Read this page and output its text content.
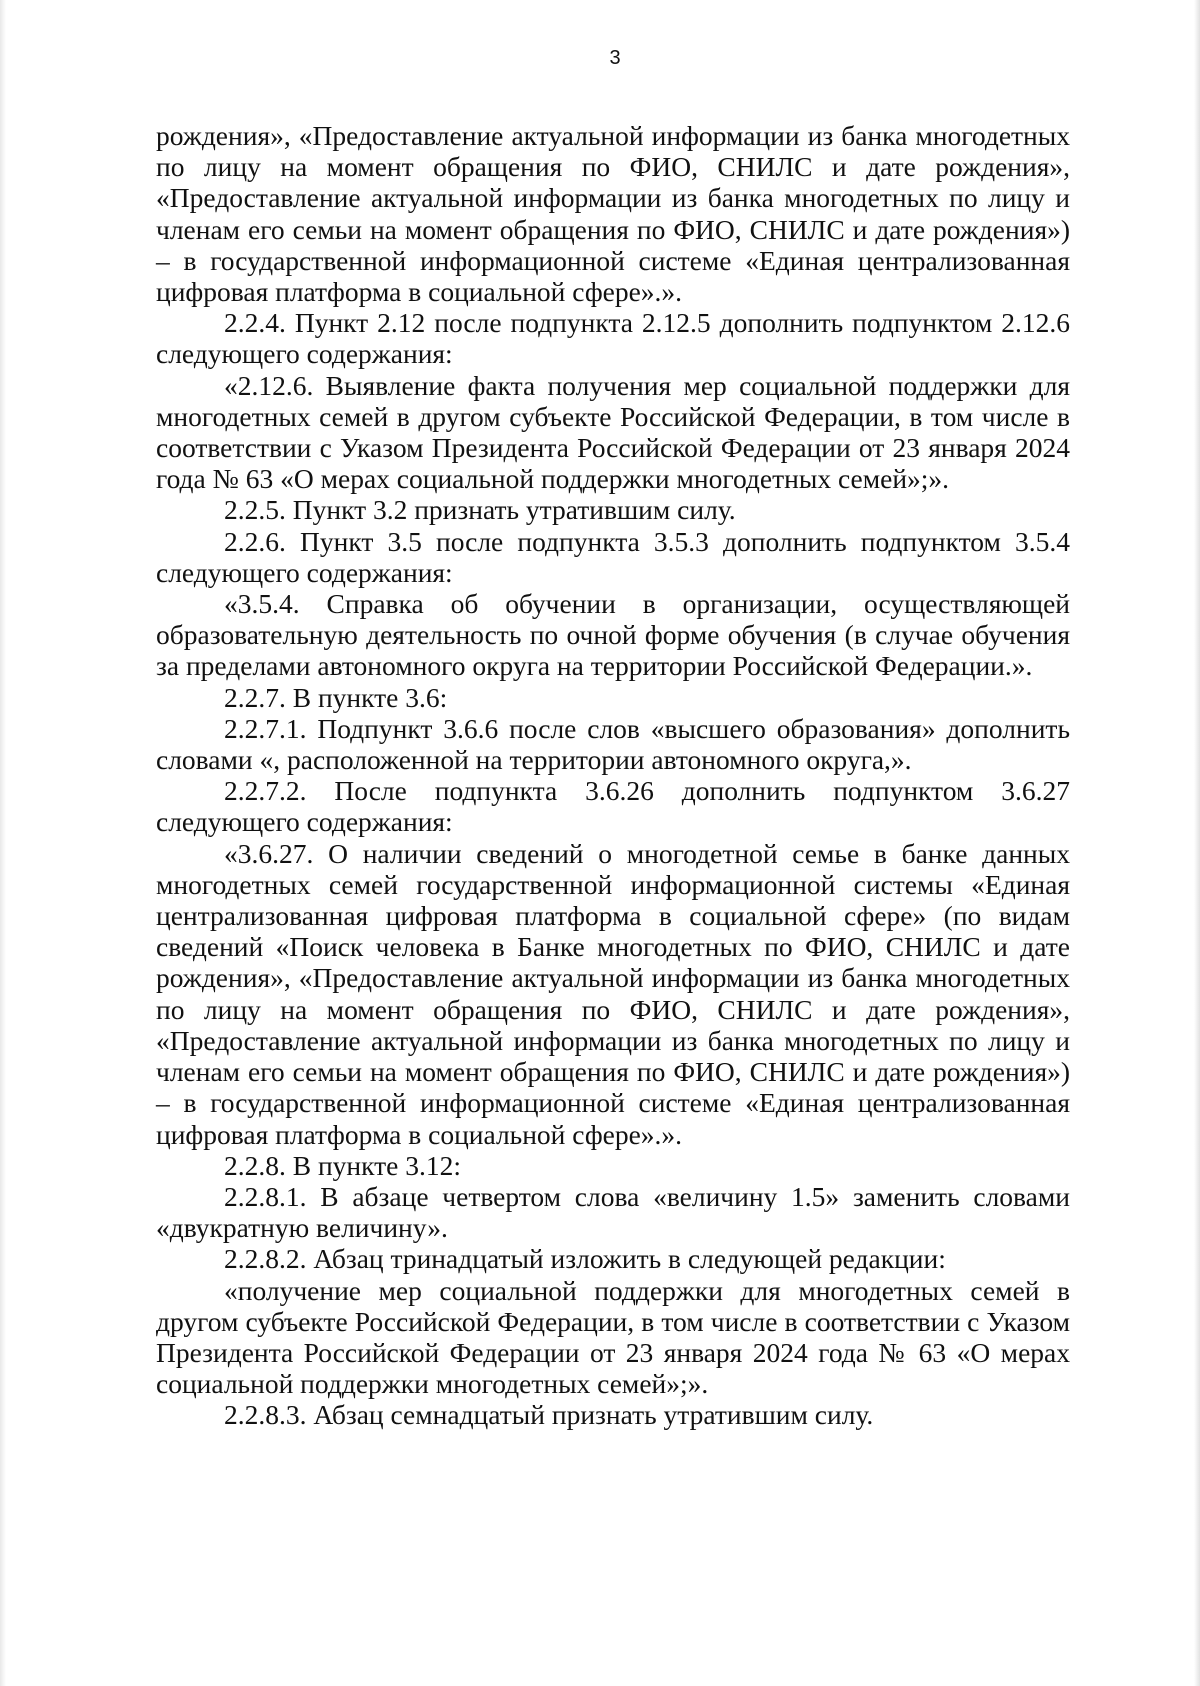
3

рождения», «Предоставление актуальной информации из банка многодетных по лицу на момент обращения по ФИО, СНИЛС и дате рождения», «Предоставление актуальной информации из банка многодетных по лицу и членам его семьи на момент обращения по ФИО, СНИЛС и дате рождения») – в государственной информационной системе «Единая централизованная цифровая платформа в социальной сфере».».

2.2.4. Пункт 2.12 после подпункта 2.12.5 дополнить подпунктом 2.12.6 следующего содержания:

«2.12.6. Выявление факта получения мер социальной поддержки для многодетных семей в другом субъекте Российской Федерации, в том числе в соответствии с Указом Президента Российской Федерации от 23 января 2024 года № 63 «О мерах социальной поддержки многодетных семей»;».

2.2.5. Пункт 3.2 признать утратившим силу.

2.2.6. Пункт 3.5 после подпункта 3.5.3 дополнить подпунктом 3.5.4 следующего содержания:

«3.5.4. Справка об обучении в организации, осуществляющей образовательную деятельность по очной форме обучения (в случае обучения за пределами автономного округа на территории Российской Федерации.».

2.2.7. В пункте 3.6:

2.2.7.1. Подпункт 3.6.6 после слов «высшего образования» дополнить словами «, расположенной на территории автономного округа,».

2.2.7.2. После подпункта 3.6.26 дополнить подпунктом 3.6.27 следующего содержания:

«3.6.27. О наличии сведений о многодетной семье в банке данных многодетных семей государственной информационной системы «Единая централизованная цифровая платформа в социальной сфере» (по видам сведений «Поиск человека в Банке многодетных по ФИО, СНИЛС и дате рождения», «Предоставление актуальной информации из банка многодетных по лицу на момент обращения по ФИО, СНИЛС и дате рождения», «Предоставление актуальной информации из банка многодетных по лицу и членам его семьи на момент обращения по ФИО, СНИЛС и дате рождения») – в государственной информационной системе «Единая централизованная цифровая платформа в социальной сфере».».

2.2.8. В пункте 3.12:

2.2.8.1. В абзаце четвертом слова «величину 1.5» заменить словами «двукратную величину».

2.2.8.2. Абзац тринадцатый изложить в следующей редакции:

«получение мер социальной поддержки для многодетных семей в другом субъекте Российской Федерации, в том числе в соответствии с Указом Президента Российской Федерации от 23 января 2024 года № 63 «О мерах социальной поддержки многодетных семей»;».

2.2.8.3. Абзац семнадцатый признать утратившим силу.
